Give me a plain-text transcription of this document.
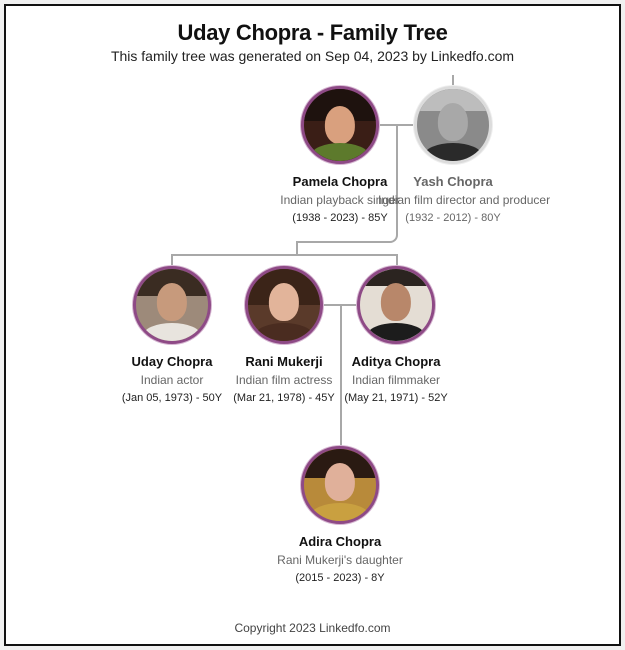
Uday Chopra - Family Tree
This family tree was generated on Sep 04, 2023 by Linkedfo.com
Pamela Chopra
Indian playback singer
(1938 - 2023) - 85Y
Yash Chopra
Indian film director and producer
(1932 - 2012) - 80Y
Uday Chopra
Indian actor
(Jan 05, 1973) - 50Y
Rani Mukerji
Indian film actress
(Mar 21, 1978) - 45Y
Aditya Chopra
Indian filmmaker
(May 21, 1971) - 52Y
Adira Chopra
Rani Mukerji's daughter
(2015 - 2023) - 8Y
Copyright 2023 Linkedfo.com
